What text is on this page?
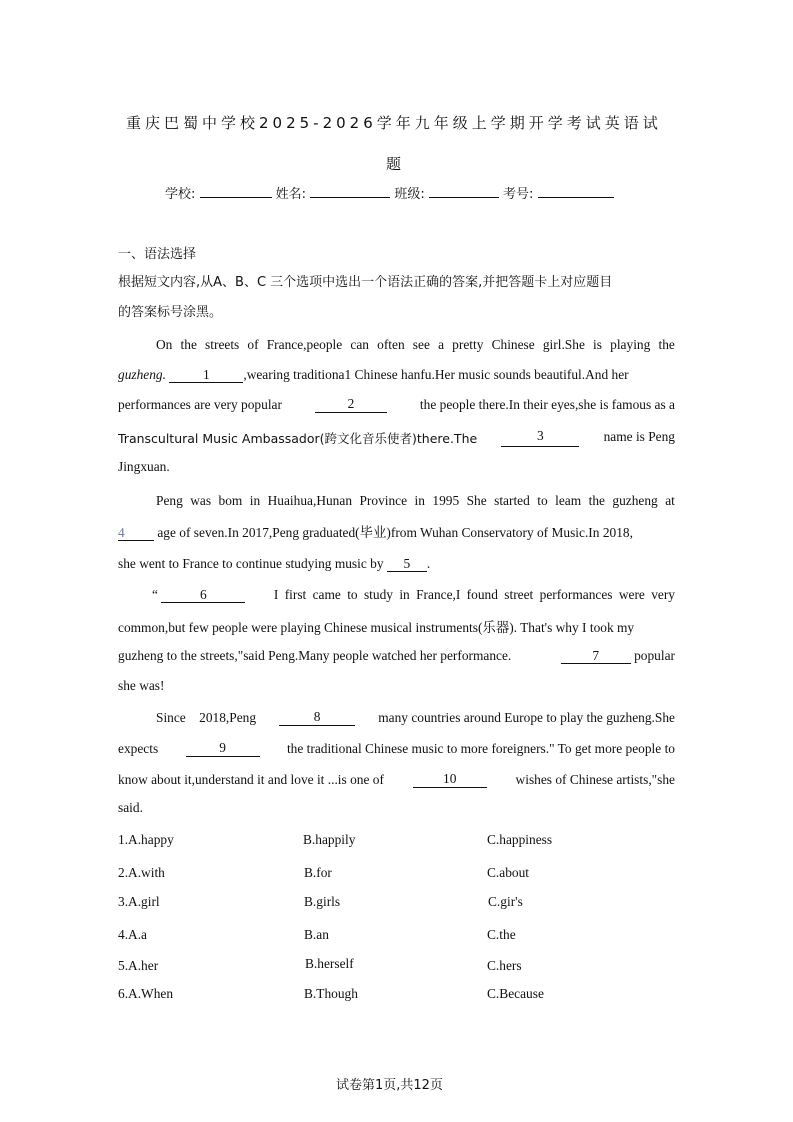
重庆巴蜀中学校2025-2026学年九年级上学期开学考试英语试
题
学校:	姓名:	班级:	考号:
一、语法选择
根据短文内容,从A、B、C 三个选项中选出一个语法正确的答案,并把答题卡上对应题目
的答案标号涂黑。
On the streets of France,people can often see a pretty Chinese girl.She is playing the
guzheng.	1	,wearing traditiona1 Chinese hanfu.Her music sounds beautiful.And her
performances are very popular	2	the people there.In their eyes,she is famous as a
Transcultural Music Ambassador(跨文化音乐使者)there.The	3	name is Peng
Jingxuan.
Peng was bom in Huaihua,Hunan Province in 1995 She started to leam the guzheng at
4 age of seven.In 2017,Peng graduated(毕业)from Wuhan Conservatory of Music.In 2018,
she went to France to continue studying music by 5 .
“	6	I first came to study in France,I found street performances were very
common,but few people were playing Chinese musical instruments(乐器). That's why I took my
guzheng to the streets,"said Peng.Many people watched her performance.	7	popular
she was!
Since    2018,Peng	8	many countries around Europe to play the guzheng.She
expects	9	the traditional Chinese music to more foreigners." To get more people to
know about it,understand it and love it ...is one of	10	wishes of Chinese artists,"she
said.
1.A.happy	B.happily	C.happiness
2.A.with	B.for	C.about
3.A.girl	B.girls	C.gir's
4.A.a	B.an	C.the
5.A.her	B.herself	C.hers
6.A.When	B.Though	C.Because
试卷第1页,共12页
